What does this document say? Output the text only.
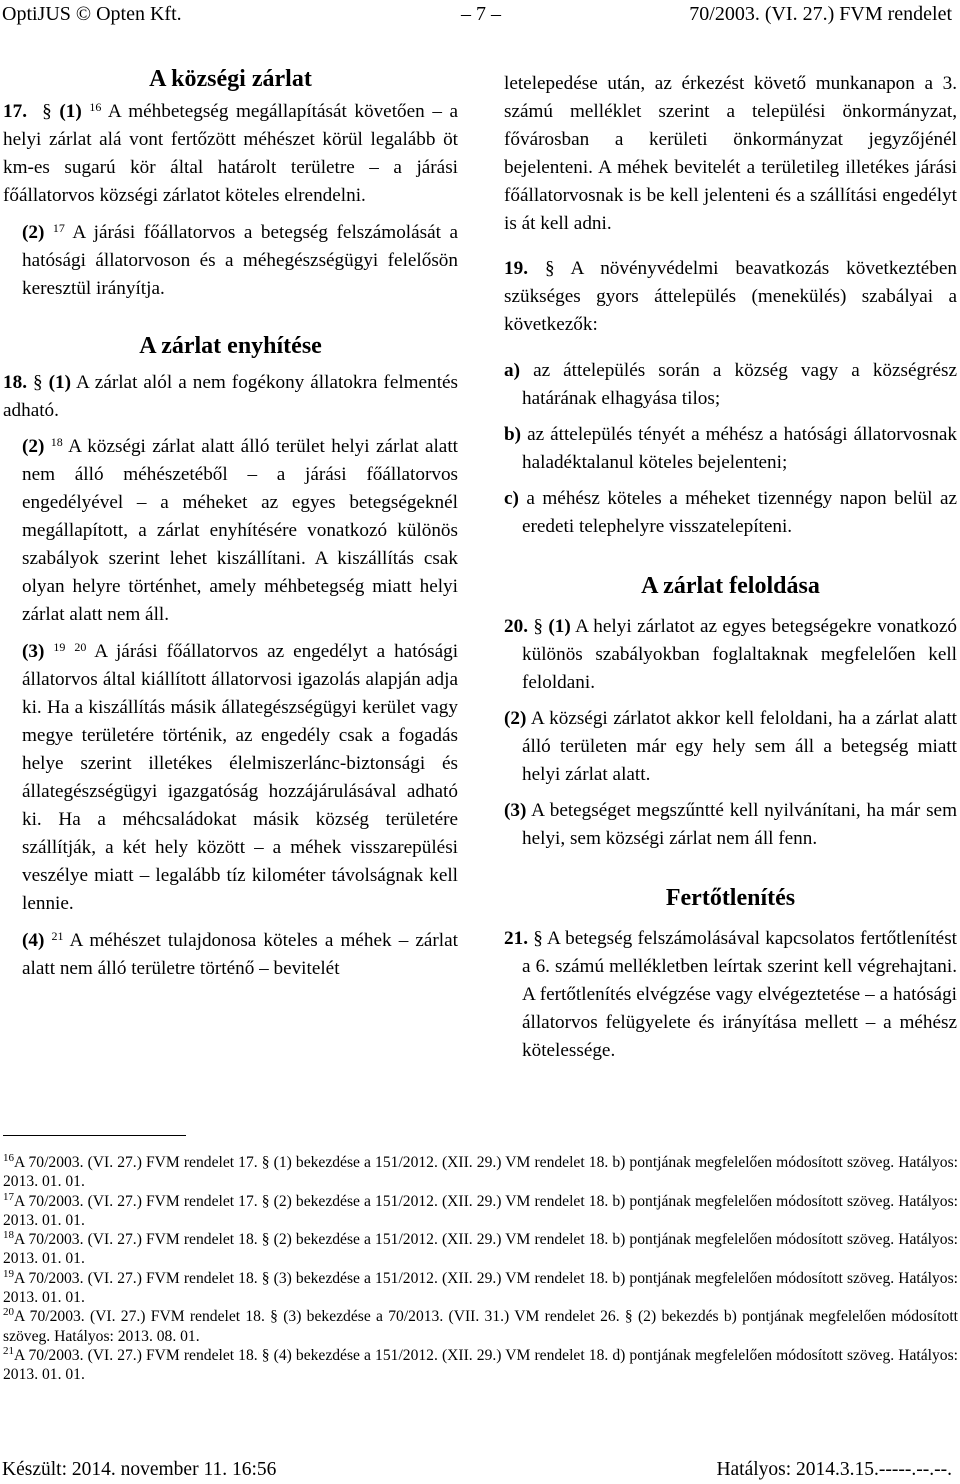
OptiJUS © Opten Kft.	– 7 –	70/2003. (VI. 27.) FVM rendelet
A községi zárlat

17. § (1) $^{16}$ A méhbetegség megállapítását követően – a helyi zárlat alá vont fertőzött méhészet körül legalább öt km-es sugarú kör által határolt területre – a járási főállatorvos községi zárlatot köteles elrendelni.

(2) $^{17}$ A járási főállatorvos a betegség felszámolását a hatósági állatorvoson és a méhegészségügyi felelősön keresztül irányítja.

A zárlat enyhítése

18. § (1) A zárlat alól a nem fogékony állatokra felmentés adható.

(2) $^{18}$ A községi zárlat alatt álló terület helyi zárlat alatt nem álló méhészetéből – a járási főállatorvos engedélyével – a méheket az egyes betegségeknél megállapított, a zárlat enyhítésére vonatkozó különös szabályok szerint lehet kiszállítani. A kiszállítás csak olyan helyre történhet, amely méhbetegség miatt helyi zárlat alatt nem áll.

(3) $^{19}$ $^{20}$ A járási főállatorvos az engedélyt a hatósági állatorvos által kiállított állatorvosi igazolás alapján adja ki. Ha a kiszállítás másik állategészségügyi kerület vagy megye területére történik, az engedély csak a fogadás helye szerint illetékes élelmiszerlánc-biztonsági és állategészségügyi igazgatóság hozzájárulásával adható ki. Ha a méhcsaládokat másik község területére szállítják, a két hely között – a méhek visszarepülési veszélye miatt – legalább tíz kilométer távolságnak kell lennie.

(4) $^{21}$ A méhészet tulajdonosa köteles a méhek – zárlat alatt nem álló területre történő – bevitelét

letelepedése után, az érkezést követő munkanapon a 3. számú melléklet szerint a települési önkormányzat, fővárosban a kerületi önkormányzat jegyzőjénél bejelenteni. A méhek bevitelét a területileg illetékes járási főállatorvosnak is be kell jelenteni és a szállítási engedélyt is át kell adni.

19. § A növényvédelmi beavatkozás következtében szükséges gyors áttelepülés (menekülés) szabályai a következők:

a) az áttelepülés során a község vagy a községrész határának elhagyása tilos;

b) az áttelepülés tényét a méhész a hatósági állatorvosnak haladéktalanul köteles bejelenteni;

c) a méhész köteles a méheket tizennégy napon belül az eredeti telephelyre visszatelepíteni.

A zárlat feloldása

20. § (1) A helyi zárlatot az egyes betegségekre vonatkozó különös szabályokban foglaltaknak megfelelően kell feloldani.

(2) A községi zárlatot akkor kell feloldani, ha a zárlat alatt álló területen már egy hely sem áll a betegség miatt helyi zárlat alatt.

(3) A betegséget megszűntté kell nyilvánítani, ha már sem helyi, sem községi zárlat nem áll fenn.

Fertőtlenítés

21. § A betegség felszámolásával kapcsolatos fertőtlenítést a 6. számú mellékletben leírtak szerint kell végrehajtani. A fertőtlenítés elvégzése vagy elvégeztetése – a hatósági állatorvos felügyelete és irányítása mellett – a méhész kötelessége.

$^{16}$A 70/2003. (VI. 27.) FVM rendelet 17. § (1) bekezdése a 151/2012. (XII. 29.) VM rendelet 18. b) pontjának megfelelően módosított szöveg. Hatályos: 2013. 01. 01.

$^{17}$A 70/2003. (VI. 27.) FVM rendelet 17. § (2) bekezdése a 151/2012. (XII. 29.) VM rendelet 18. b) pontjának megfelelően módosított szöveg. Hatályos: 2013. 01. 01.

$^{18}$A 70/2003. (VI. 27.) FVM rendelet 18. § (2) bekezdése a 151/2012. (XII. 29.) VM rendelet 18. b) pontjának megfelelően módosított szöveg. Hatályos: 2013. 01. 01.

$^{19}$A 70/2003. (VI. 27.) FVM rendelet 18. § (3) bekezdése a 151/2012. (XII. 29.) VM rendelet 18. b) pontjának megfelelően módosított szöveg. Hatályos: 2013. 01. 01.

$^{20}$A 70/2003. (VI. 27.) FVM rendelet 18. § (3) bekezdése a 70/2013. (VII. 31.) VM rendelet 26. § (2) bekezdés b) pontjának megfelelően módosított szöveg. Hatályos: 2013. 08. 01.

$^{21}$A 70/2003. (VI. 27.) FVM rendelet 18. § (4) bekezdése a 151/2012. (XII. 29.) VM rendelet 18. d) pontjának megfelelően módosított szöveg. Hatályos: 2013. 01. 01.

Készült: 2014. november 11. 16:56	Hatályos: 2014.3.15.-----.--.--.
